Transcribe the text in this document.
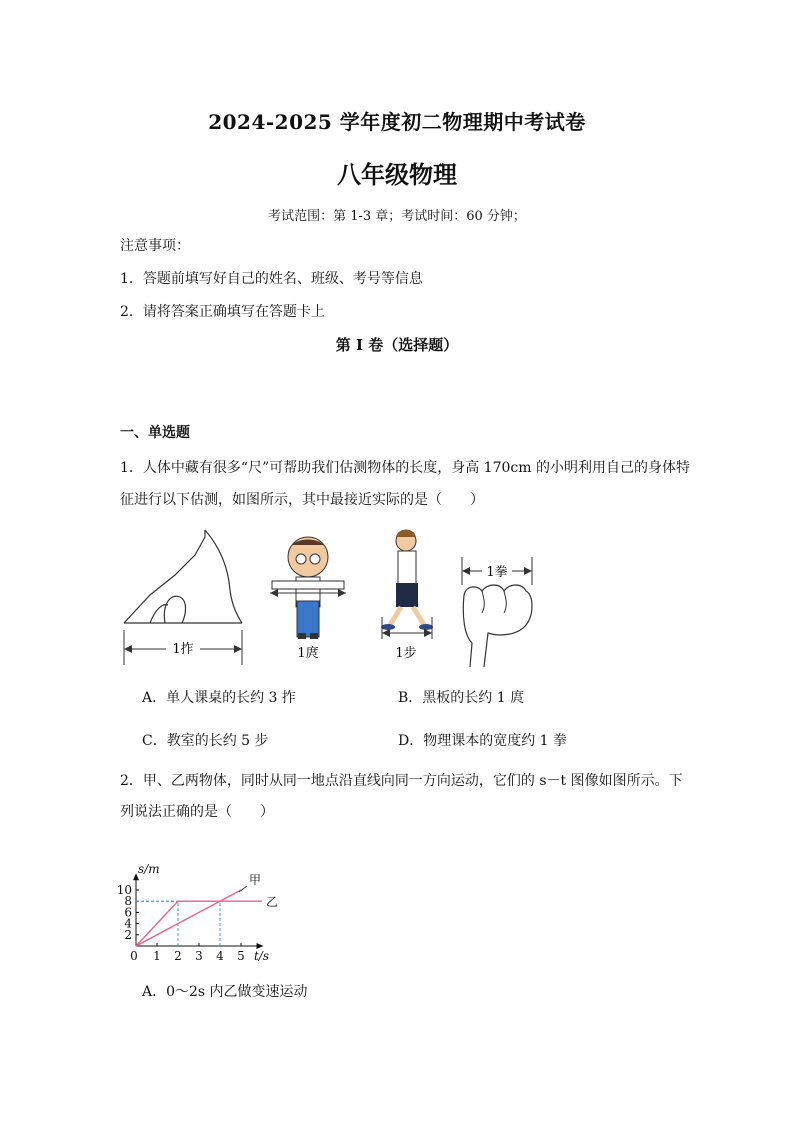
2024-2025 学年度初二物理期中考试卷
八年级物理
考试范围：第 1-3 章；考试时间：60 分钟；
注意事项：
1．答题前填写好自己的姓名、班级、考号等信息
2．请将答案正确填写在答题卡上
第 I 卷（选择题）
一、单选题
1．人体中藏有很多“尺”可帮助我们估测物体的长度，身高 170cm 的小明利用自己的身体特
征进行以下估测，如图所示，其中最接近实际的是（　　）
1拃	1庹	1步
1拳
A．单人课桌的长约 3 拃	B．黑板的长约 1 庹
C．教室的长约 5 步	D．物理课本的宽度约 1 拳
2．甲、乙两物体，同时从同一地点沿直线向同一方向运动，它们的 s－t 图像如图所示。下
列说法正确的是（　　）
0 1 2 3 4 5
2
4
6
8
10
t/s
s/m
甲
乙
A．0～2s 内乙做变速运动
